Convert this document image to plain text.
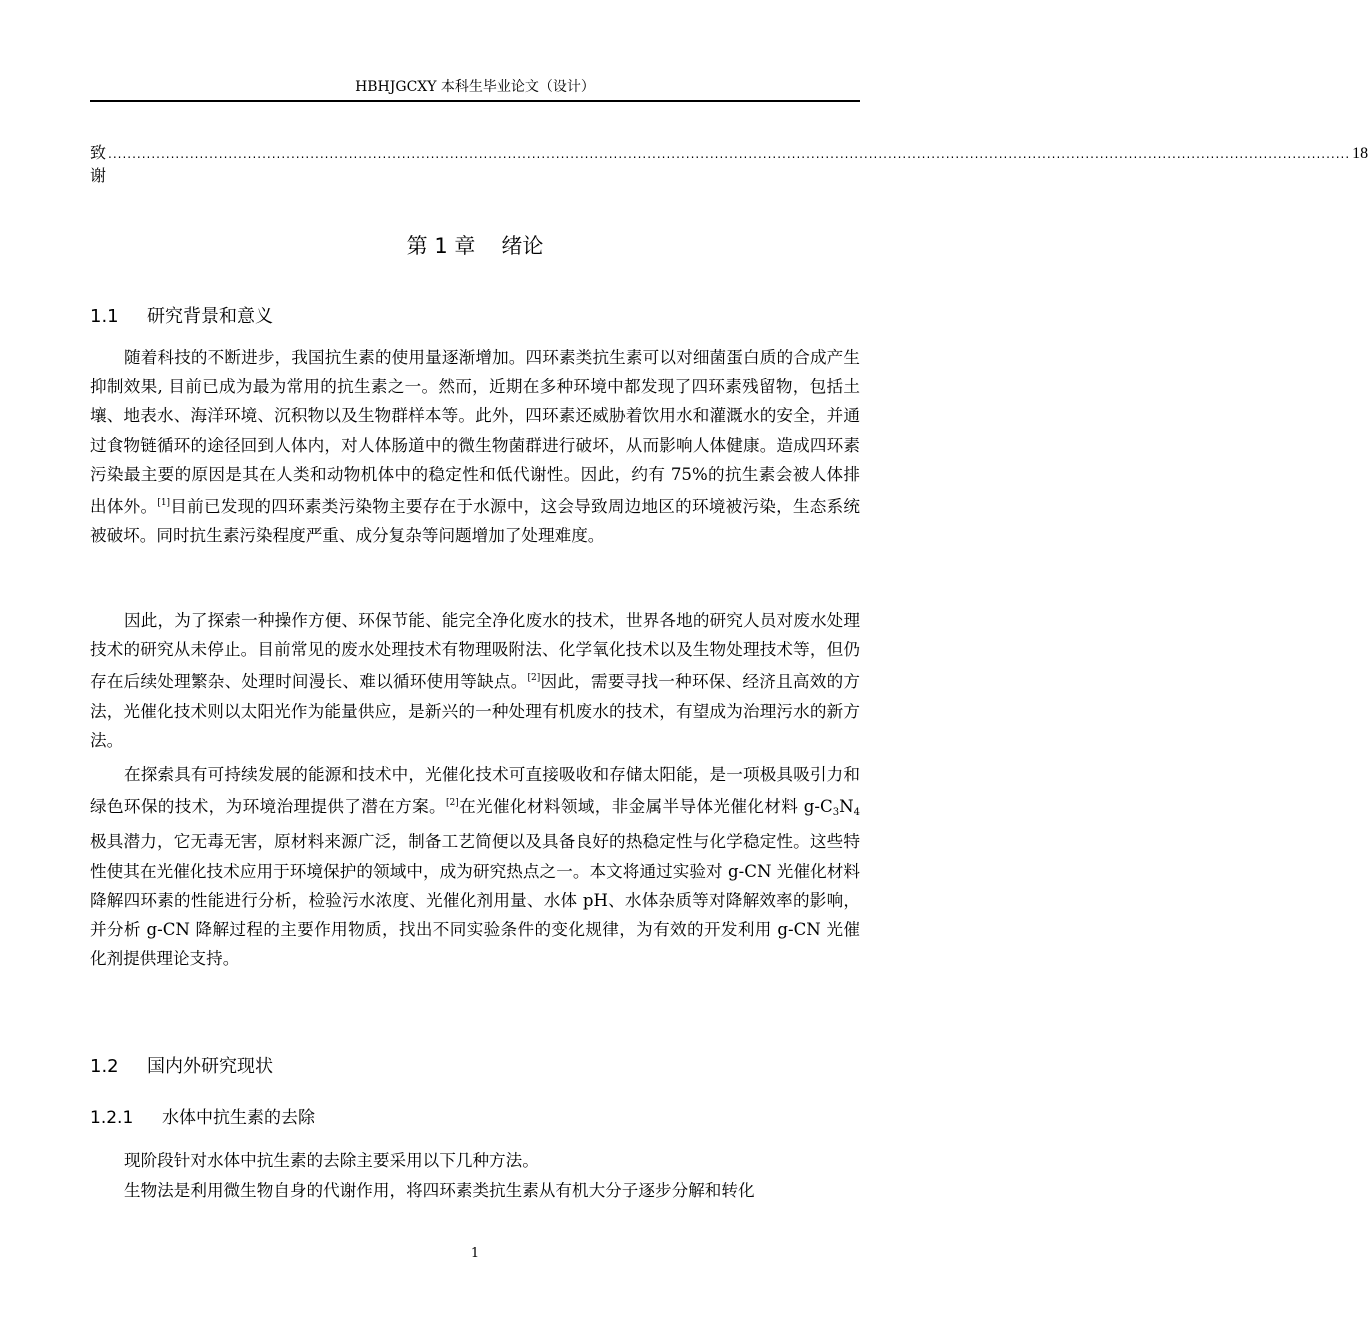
HBHJGCXY 本科生毕业论文（设计）
致谢
.................................................................................................................................................................................................................................................................. 18
第 1 章 绪论
1.1 研究背景和意义

随着科技的不断进步，我国抗生素的使用量逐渐增加。四环素类抗生素可以对细菌蛋白质的合成产生抑制效果, 目前已成为最为常用的抗生素之一。然而，近期在多种环境中都发现了四环素残留物，包括土壤、地表水、海洋环境、沉积物以及生物群样本等。此外，四环素还威胁着饮用水和灌溉水的安全，并通过食物链循环的途径回到人体内，对人体肠道中的微生物菌群进行破坏，从而影响人体健康。造成四环素污染最主要的原因是其在人类和动物机体中的稳定性和低代谢性。因此，约有 75%的抗生素会被人体排出体外。[1]目前已发现的四环素类污染物主要存在于水源中，这会导致周边地区的环境被污染，生态系统被破坏。同时抗生素污染程度严重、成分复杂等问题增加了处理难度。

因此，为了探索一种操作方便、环保节能、能完全净化废水的技术，世界各地的研究人员对废水处理技术的研究从未停止。目前常见的废水处理技术有物理吸附法、化学氧化技术以及生物处理技术等，但仍存在后续处理繁杂、处理时间漫长、难以循环使用等缺点。[2]因此，需要寻找一种环保、经济且高效的方法，光催化技术则以太阳光作为能量供应，是新兴的一种处理有机废水的技术，有望成为治理污水的新方法。

在探索具有可持续发展的能源和技术中，光催化技术可直接吸收和存储太阳能，是一项极具吸引力和绿色环保的技术，为环境治理提供了潜在方案。[2]在光催化材料领域，非金属半导体光催化材料 $g-C_3N_4$ 极具潜力，它无毒无害，原材料来源广泛，制备工艺简便以及具备良好的热稳定性与化学稳定性。这些特性使其在光催化技术应用于环境保护的领域中，成为研究热点之一。本文将通过实验对 g-CN 光催化材料降解四环素的性能进行分析，检验污水浓度、光催化剂用量、水体 pH、水体杂质等对降解效率的影响，并分析 g-CN 降解过程的主要作用物质，找出不同实验条件的变化规律，为有效的开发利用 g-CN 光催化剂提供理论支持。

1.2 国内外研究现状
1.2.1 水体中抗生素的去除

现阶段针对水体中抗生素的去除主要采用以下几种方法。

生物法是利用微生物自身的代谢作用，将四环素类抗生素从有机大分子逐步分解和转化

1
